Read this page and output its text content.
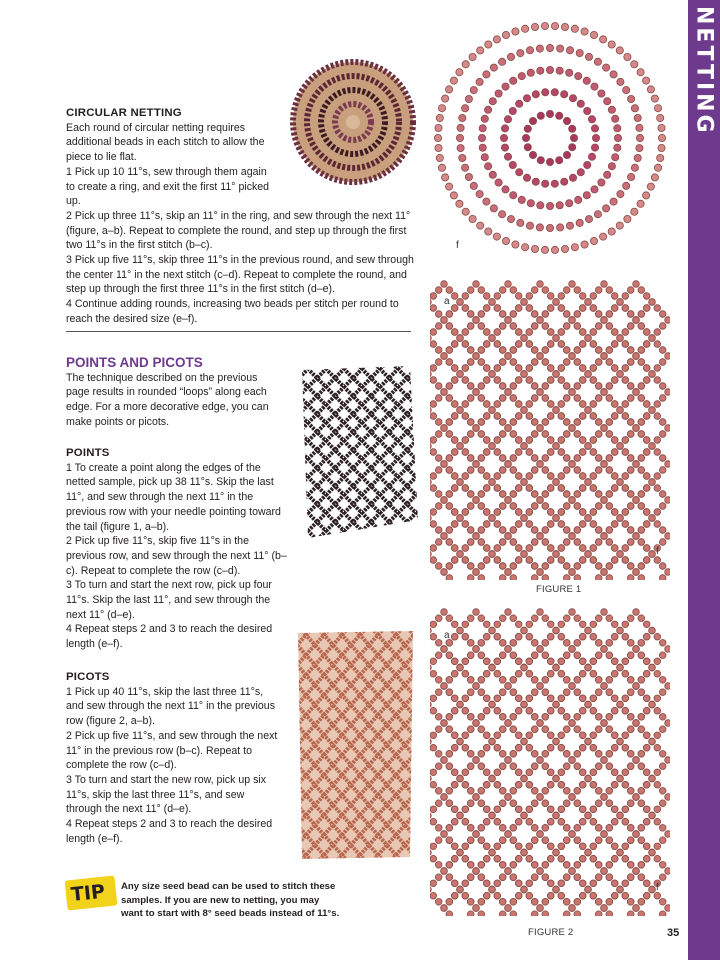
NETTING
f
a
f
FIGURE 1
a
f
FIGURE 2

CIRCULAR NETTING

Each round of circular netting requires additional beads in each stitch to allow the piece to lie flat.

1 Pick up 10 11°s, sew through them again to create a ring, and exit the first 11° picked up.

2 Pick up three 11°s, skip an 11° in the ring, and sew through the next 11° (figure, a–b). Repeat to complete the round, and step up through the first two 11°s in the first stitch (b–c).

3 Pick up five 11°s, skip three 11°s in the previous round, and sew through the center 11° in the next stitch (c–d). Repeat to complete the round, and step up through the first three 11°s in the first stitch (d–e).

4 Continue adding rounds, increasing two beads per stitch per round to reach the desired size (e–f).

POINTS AND PICOTS

The technique described on the previous page results in rounded “loops” along each edge. For a more decorative edge, you can make points or picots.

POINTS

1 To create a point along the edges of the netted sample, pick up 38 11°s. Skip the last 11°, and sew through the next 11° in the previous row with your needle pointing toward the tail (figure 1, a–b).

2 Pick up five 11°s, skip five 11°s in the previous row, and sew through the next 11° (b–c). Repeat to complete the row (c–d).

3 To turn and start the next row, pick up four 11°s. Skip the last 11°, and sew through the next 11° (d–e).

4 Repeat steps 2 and 3 to reach the desired length (e–f).

PICOTS

1 Pick up 40 11°s, skip the last three 11°s, and sew through the next 11° in the previous row (figure 2, a–b).

2 Pick up five 11°s, and sew through the next 11° in the previous row (b–c). Repeat to complete the row (c–d).

3 To turn and start the new row, pick up six 11°s, skip the last three 11°s, and sew through the next 11° (d–e).

4 Repeat steps 2 and 3 to reach the desired length (e–f).

TIP Any size seed bead can be used to stitch these samples. If you are new to netting, you may want to start with 8° seed beads instead of 11°s.

35
